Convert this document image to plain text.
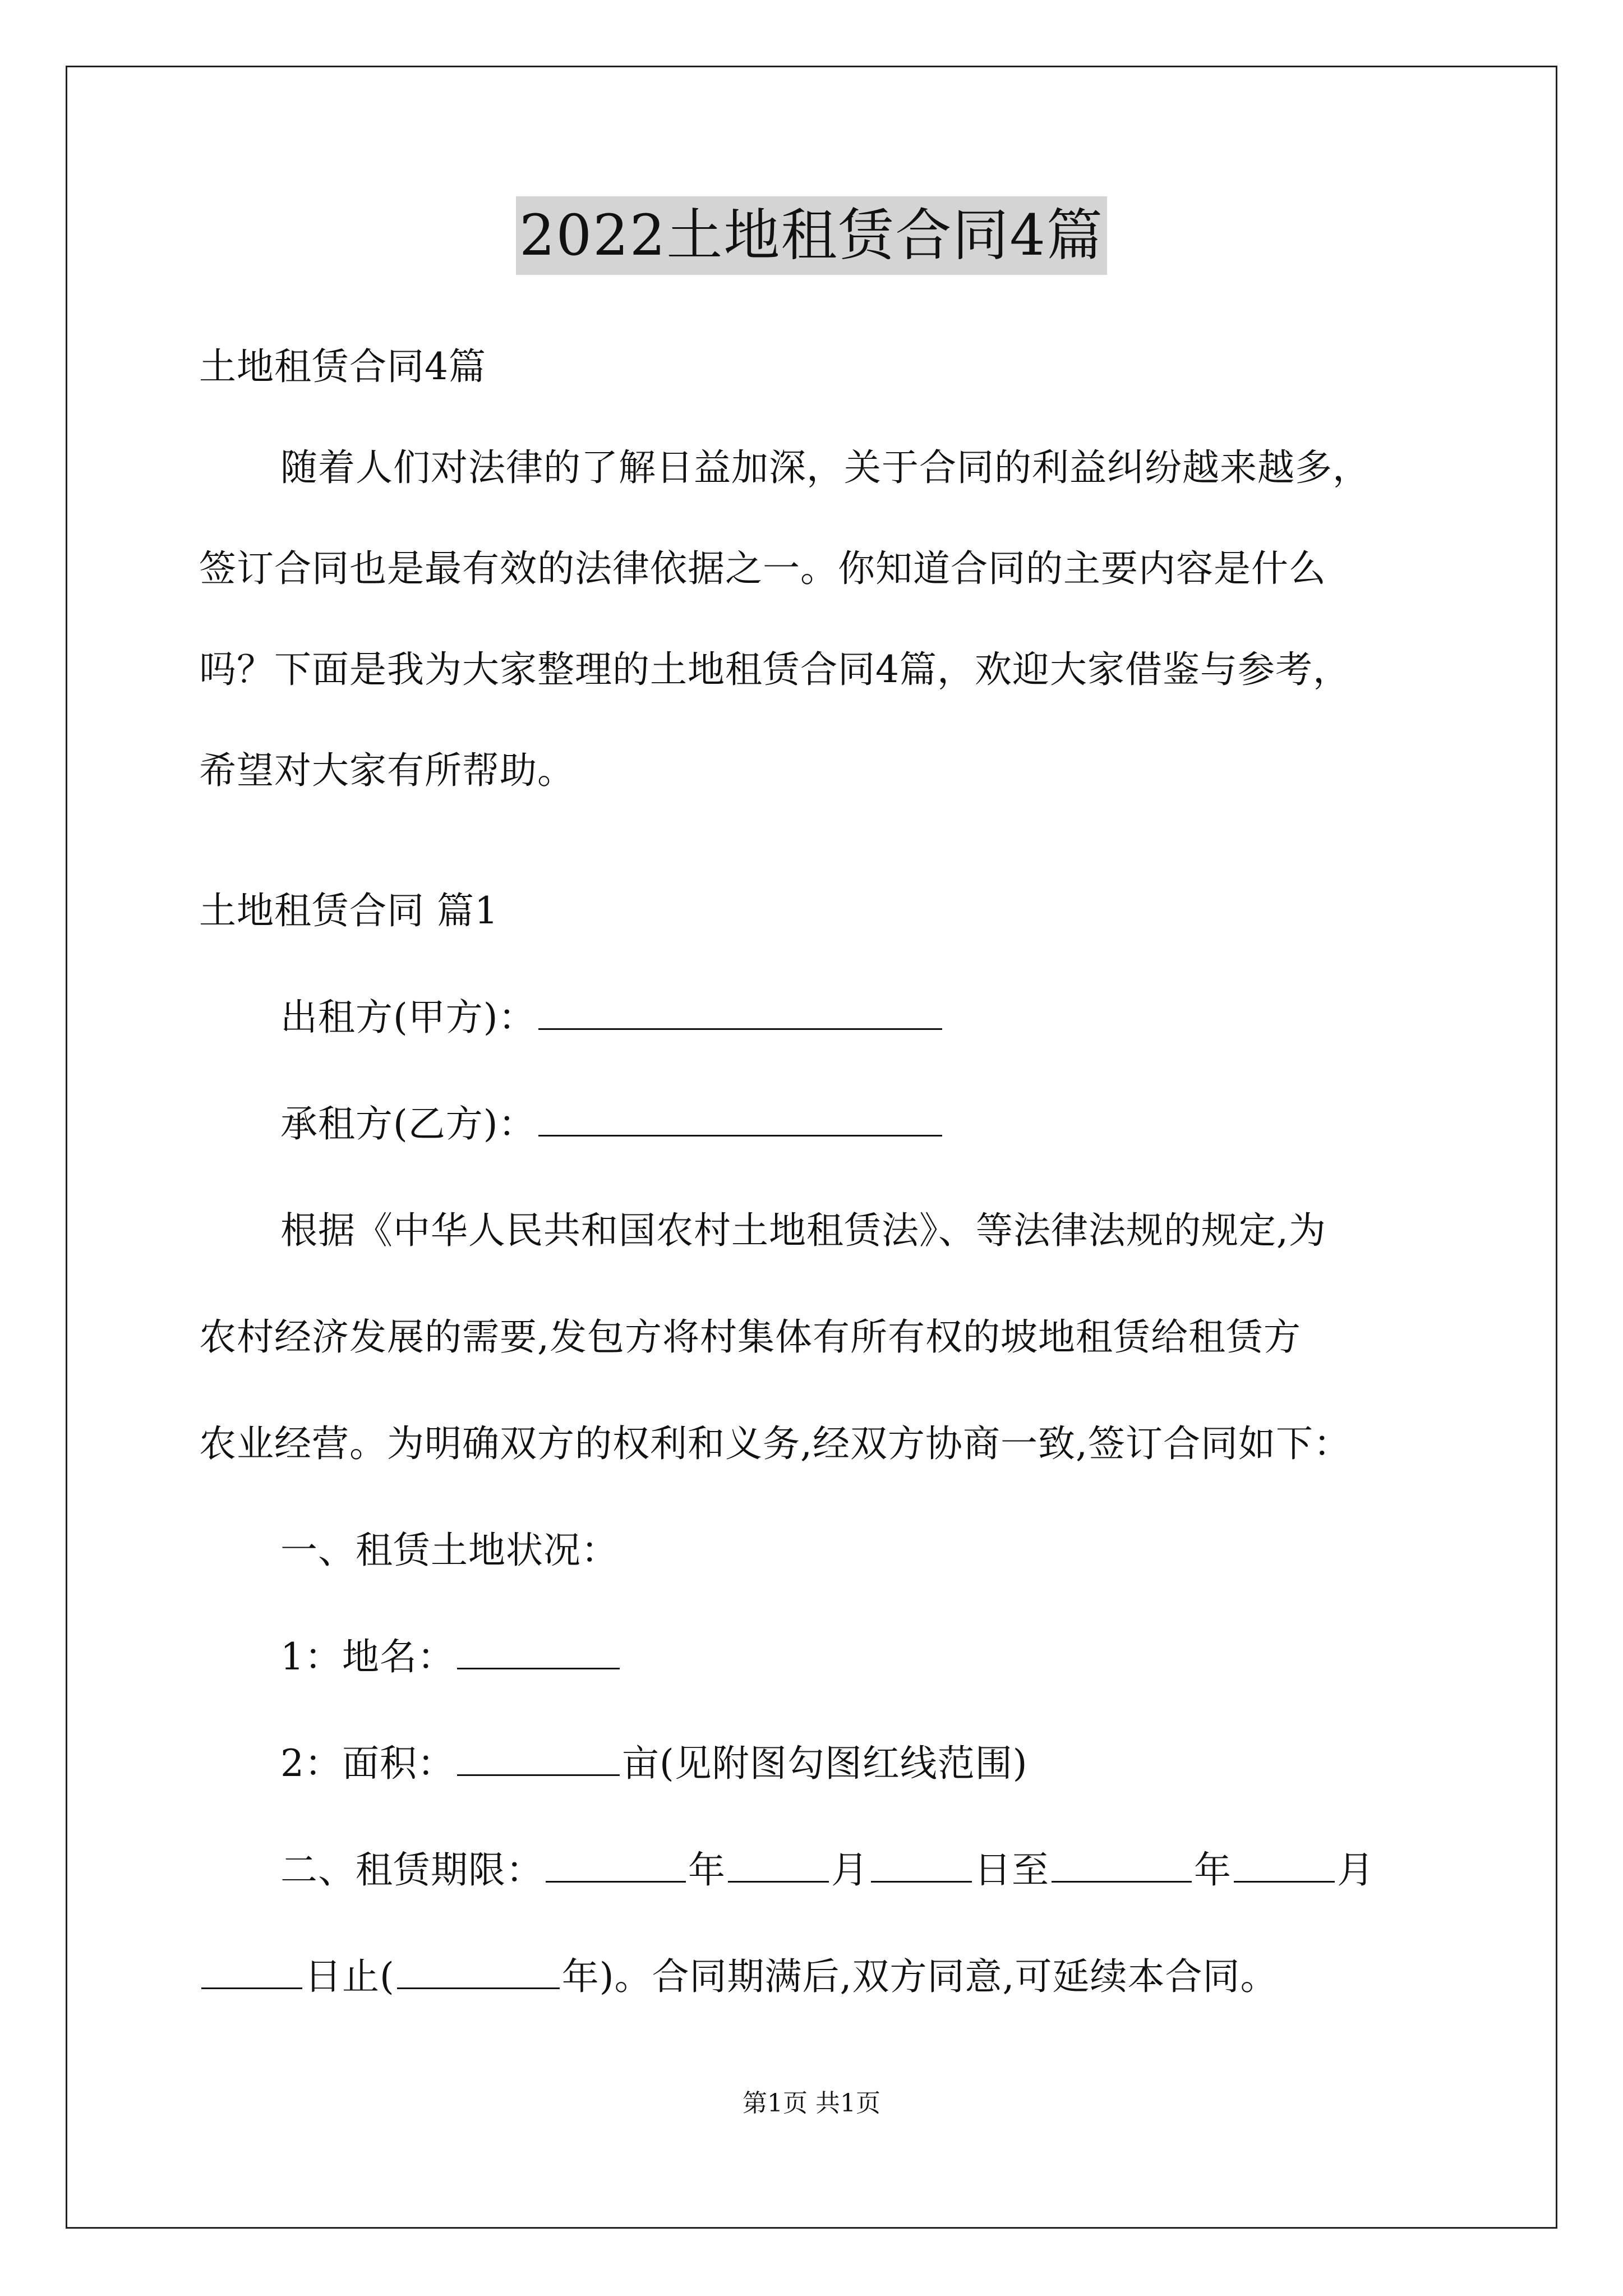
2022土地租赁合同4篇
土地租赁合同4篇
随着人们对法律的了解日益加深，关于合同的利益纠纷越来越多，
签订合同也是最有效的法律依据之一。你知道合同的主要内容是什么
吗？下面是我为大家整理的土地租赁合同4篇，欢迎大家借鉴与参考，
希望对大家有所帮助。
土地租赁合同 篇1
出租方(甲方)：
承租方(乙方)：
根据《中华人民共和国农村土地租赁法》、等法律法规的规定,为
农村经济发展的需要,发包方将村集体有所有权的坡地租赁给租赁方
农业经营。为明确双方的权利和义务,经双方协商一致,签订合同如下：
一、租赁土地状况：
1：地名：
2：面积：	亩(见附图勾图红线范围)
二、租赁期限：	年	月	日至	年	月
日止(	年)。合同期满后,双方同意,可延续本合同。
第1页 共1页
